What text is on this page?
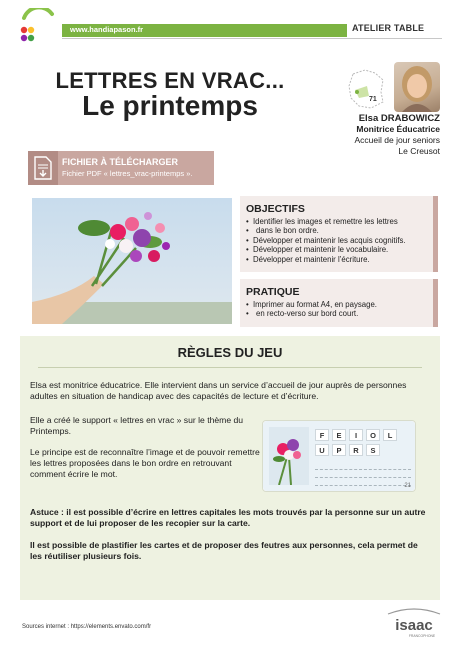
www.handiapason.fr	ATELIER TABLE
LETTRES EN VRAC...
Le printemps	71
Elsa DRABOWICZ
Monitrice Éducatrice
Accueil de jour seniors
Le Creusot
FICHIER À TÉLÉCHARGER
Fichier PDF « lettres_vrac-printemps ».
OBJECTIFS
• Identifier les images et remettre les lettres
• dans le bon ordre.
• Développer et maintenir les acquis cognitifs.
• Développer et maintenir le vocabulaire.
• Développer et maintenir l’écriture.
PRATIQUE
• Imprimer au format A4, en paysage.
• en recto-verso sur bord court.
RÈGLES DU JEU
Elsa est monitrice éducatrice. Elle intervient dans un service d’accueil de jour auprès de personnes adultes en situation de handicap avec des capacités de lecture et d’écriture.
Elle a créé le support « lettres en vrac » sur le thème du Printemps.
Le principe est de reconnaître l’image et de pouvoir remettre les lettres proposées dans le bon ordre en retrouvant comment écrire le mot.
F	E	I	O	L
U	P	R	S
21
Astuce : il est possible d’écrire en lettres capitales les mots trouvés par la personne sur un autre support et de lui proposer de les recopier sur la carte.
Il est possible de plastifier les cartes et de proposer des feutres aux personnes, cela permet de les réutiliser plusieurs fois.
Sources internet : https://elements.envato.com/fr	isaac
FRANCOPHONE
